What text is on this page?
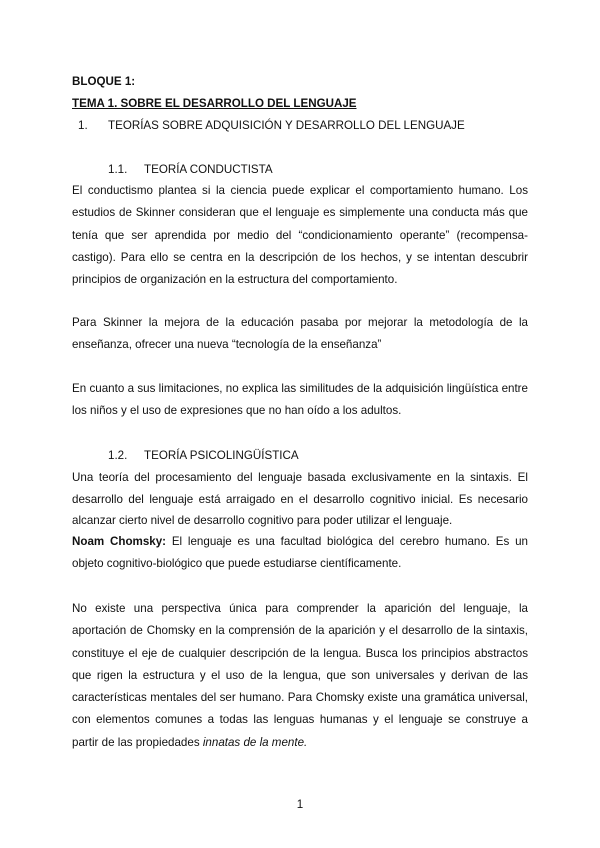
BLOQUE 1:
TEMA 1. SOBRE EL DESARROLLO DEL LENGUAJE
1. TEORÍAS SOBRE ADQUISICIÓN Y DESARROLLO DEL LENGUAJE
1.1. TEORÍA CONDUCTISTA
El conductismo plantea si la ciencia puede explicar el comportamiento humano. Los estudios de Skinner consideran que el lenguaje es simplemente una conducta más que tenía que ser aprendida por medio del “condicionamiento operante” (recompensa-castigo). Para ello se centra en la descripción de los hechos, y se intentan descubrir principios de organización en la estructura del comportamiento.
Para Skinner la mejora de la educación pasaba por mejorar la metodología de la enseñanza, ofrecer una nueva “tecnología de la enseñanza”
En cuanto a sus limitaciones, no explica las similitudes de la adquisición lingüística entre los niños y el uso de expresiones que no han oído a los adultos.
1.2. TEORÍA PSICOLINGÜÍSTICA
Una teoría del procesamiento del lenguaje basada exclusivamente en la sintaxis. El desarrollo del lenguaje está arraigado en el desarrollo cognitivo inicial. Es necesario alcanzar cierto nivel de desarrollo cognitivo para poder utilizar el lenguaje.
Noam Chomsky: El lenguaje es una facultad biológica del cerebro humano. Es un objeto cognitivo-biológico que puede estudiarse científicamente.
No existe una perspectiva única para comprender la aparición del lenguaje, la aportación de Chomsky en la comprensión de la aparición y el desarrollo de la sintaxis, constituye el eje de cualquier descripción de la lengua. Busca los principios abstractos que rigen la estructura y el uso de la lengua, que son universales y derivan de las características mentales del ser humano. Para Chomsky existe una gramática universal, con elementos comunes a todas las lenguas humanas y el lenguaje se construye a partir de las propiedades innatas de la mente.
1
